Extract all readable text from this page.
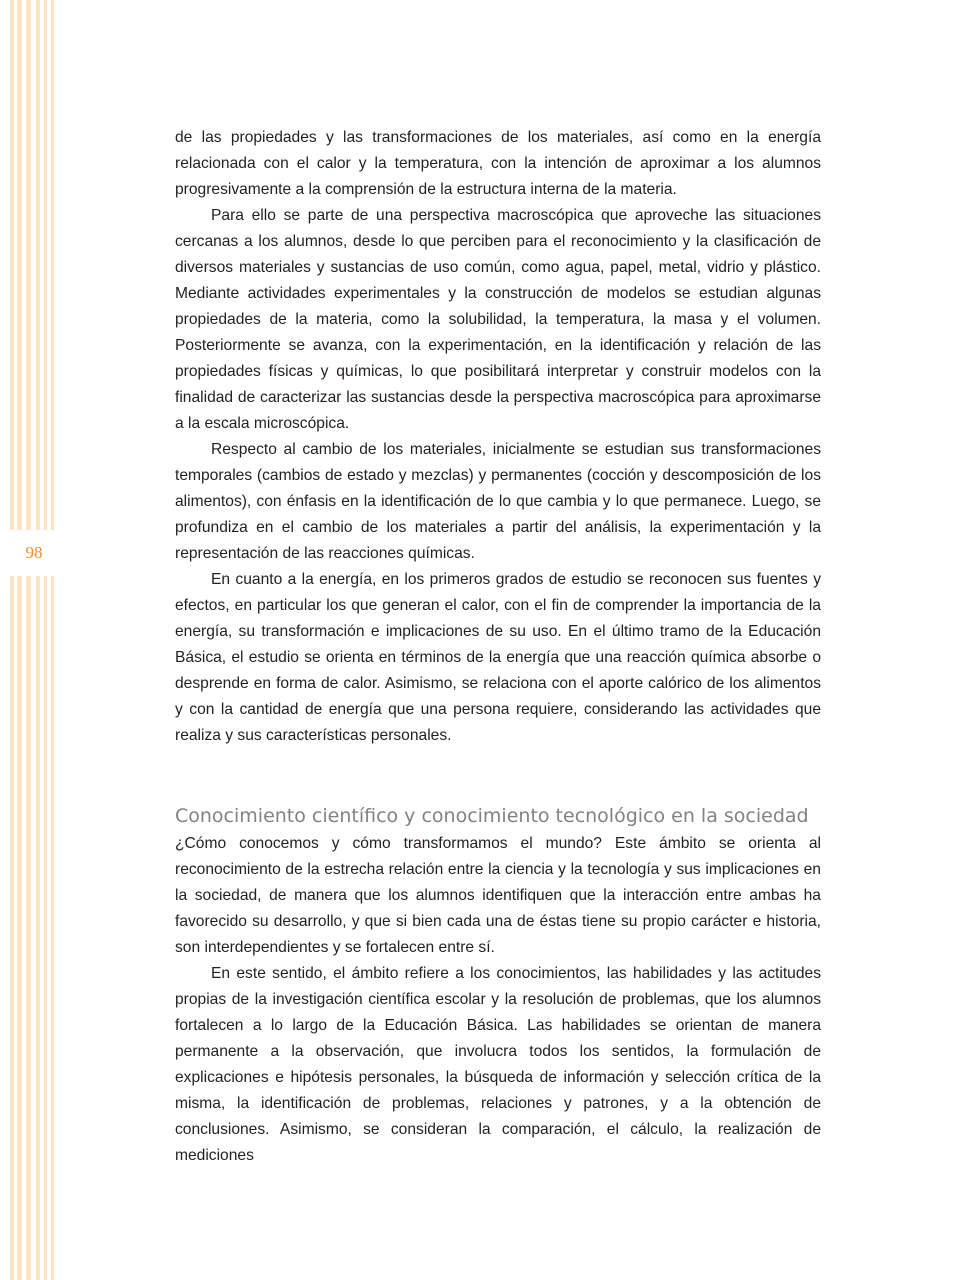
98

de las propiedades y las transformaciones de los materiales, así como en la energía relacionada con el calor y la temperatura, con la intención de aproximar a los alumnos progresivamente a la comprensión de la estructura interna de la materia.

Para ello se parte de una perspectiva macroscópica que aproveche las situaciones cercanas a los alumnos, desde lo que perciben para el reconocimiento y la clasificación de diversos materiales y sustancias de uso común, como agua, papel, metal, vidrio y plástico. Mediante actividades experimentales y la construcción de modelos se estudian algunas propiedades de la materia, como la solubilidad, la temperatura, la masa y el volumen. Posteriormente se avanza, con la experimentación, en la identificación y relación de las propiedades físicas y químicas, lo que posibilitará interpretar y construir modelos con la finalidad de caracterizar las sustancias desde la perspectiva macroscópica para aproximarse a la escala microscópica.

Respecto al cambio de los materiales, inicialmente se estudian sus transformaciones temporales (cambios de estado y mezclas) y permanentes (cocción y descomposición de los alimentos), con énfasis en la identificación de lo que cambia y lo que permanece. Luego, se profundiza en el cambio de los materiales a partir del análisis, la experimentación y la representación de las reacciones químicas.

En cuanto a la energía, en los primeros grados de estudio se reconocen sus fuentes y efectos, en particular los que generan el calor, con el fin de comprender la importancia de la energía, su transformación e implicaciones de su uso. En el último tramo de la Educación Básica, el estudio se orienta en términos de la energía que una reacción química absorbe o desprende en forma de calor. Asimismo, se relaciona con el aporte calórico de los alimentos y con la cantidad de energía que una persona requiere, considerando las actividades que realiza y sus características personales.

Conocimiento científico y conocimiento tecnológico en la sociedad

¿Cómo conocemos y cómo transformamos el mundo? Este ámbito se orienta al reconocimiento de la estrecha relación entre la ciencia y la tecnología y sus implicaciones en la sociedad, de manera que los alumnos identifiquen que la interacción entre ambas ha favorecido su desarrollo, y que si bien cada una de éstas tiene su propio carácter e historia, son interdependientes y se fortalecen entre sí.

En este sentido, el ámbito refiere a los conocimientos, las habilidades y las actitudes propias de la investigación científica escolar y la resolución de problemas, que los alumnos fortalecen a lo largo de la Educación Básica. Las habilidades se orientan de manera permanente a la observación, que involucra todos los sentidos, la formulación de explicaciones e hipótesis personales, la búsqueda de información y selección crítica de la misma, la identificación de problemas, relaciones y patrones, y a la obtención de conclusiones. Asimismo, se consideran la comparación, el cálculo, la realización de mediciones
